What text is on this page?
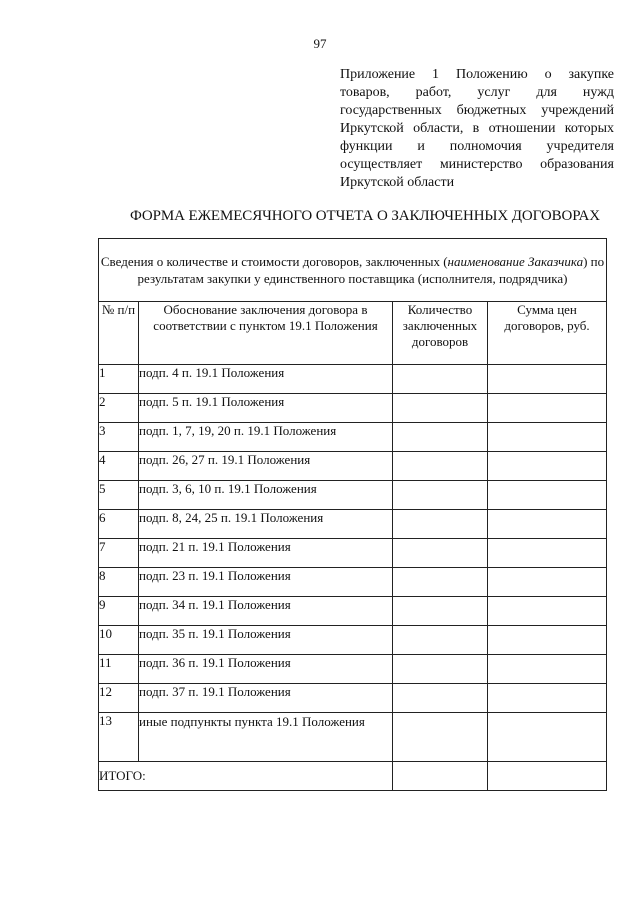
97
Приложение 1 Положению о закупке
товаров, работ, услуг для нужд
государственных бюджетных учреждений
Иркутской области, в отношении которых
функции и полномочия учредителя
осуществляет министерство образования
Иркутской области
ФОРМА ЕЖЕМЕСЯЧНОГО ОТЧЕТА О ЗАКЛЮЧЕННЫХ ДОГОВОРАХ
Сведения о количестве и стоимости договоров, заключенных (наименование Заказчика) по результатам закупки у единственного поставщика (исполнителя, подрядчика)			
№ п/п	Обоснование заключения договора в соответствии с пунктом 19.1 Положения	Количество заключенных договоров	Сумма цен договоров, руб.
1	подп. 4 п. 19.1 Положения		
2	подп. 5 п. 19.1 Положения		
3	подп. 1, 7, 19, 20 п. 19.1 Положения		
4	подп. 26, 27 п. 19.1 Положения		
5	подп. 3, 6, 10 п. 19.1 Положения		
6	подп. 8, 24, 25 п. 19.1 Положения		
7	подп. 21 п. 19.1 Положения		
8	подп. 23 п. 19.1 Положения		
9	подп. 34 п. 19.1 Положения		
10	подп. 35 п. 19.1 Положения		
11	подп. 36 п. 19.1 Положения		
12	подп. 37 п. 19.1 Положения		
13	иные подпункты пункта 19.1 Положения		
ИТОГО:			
